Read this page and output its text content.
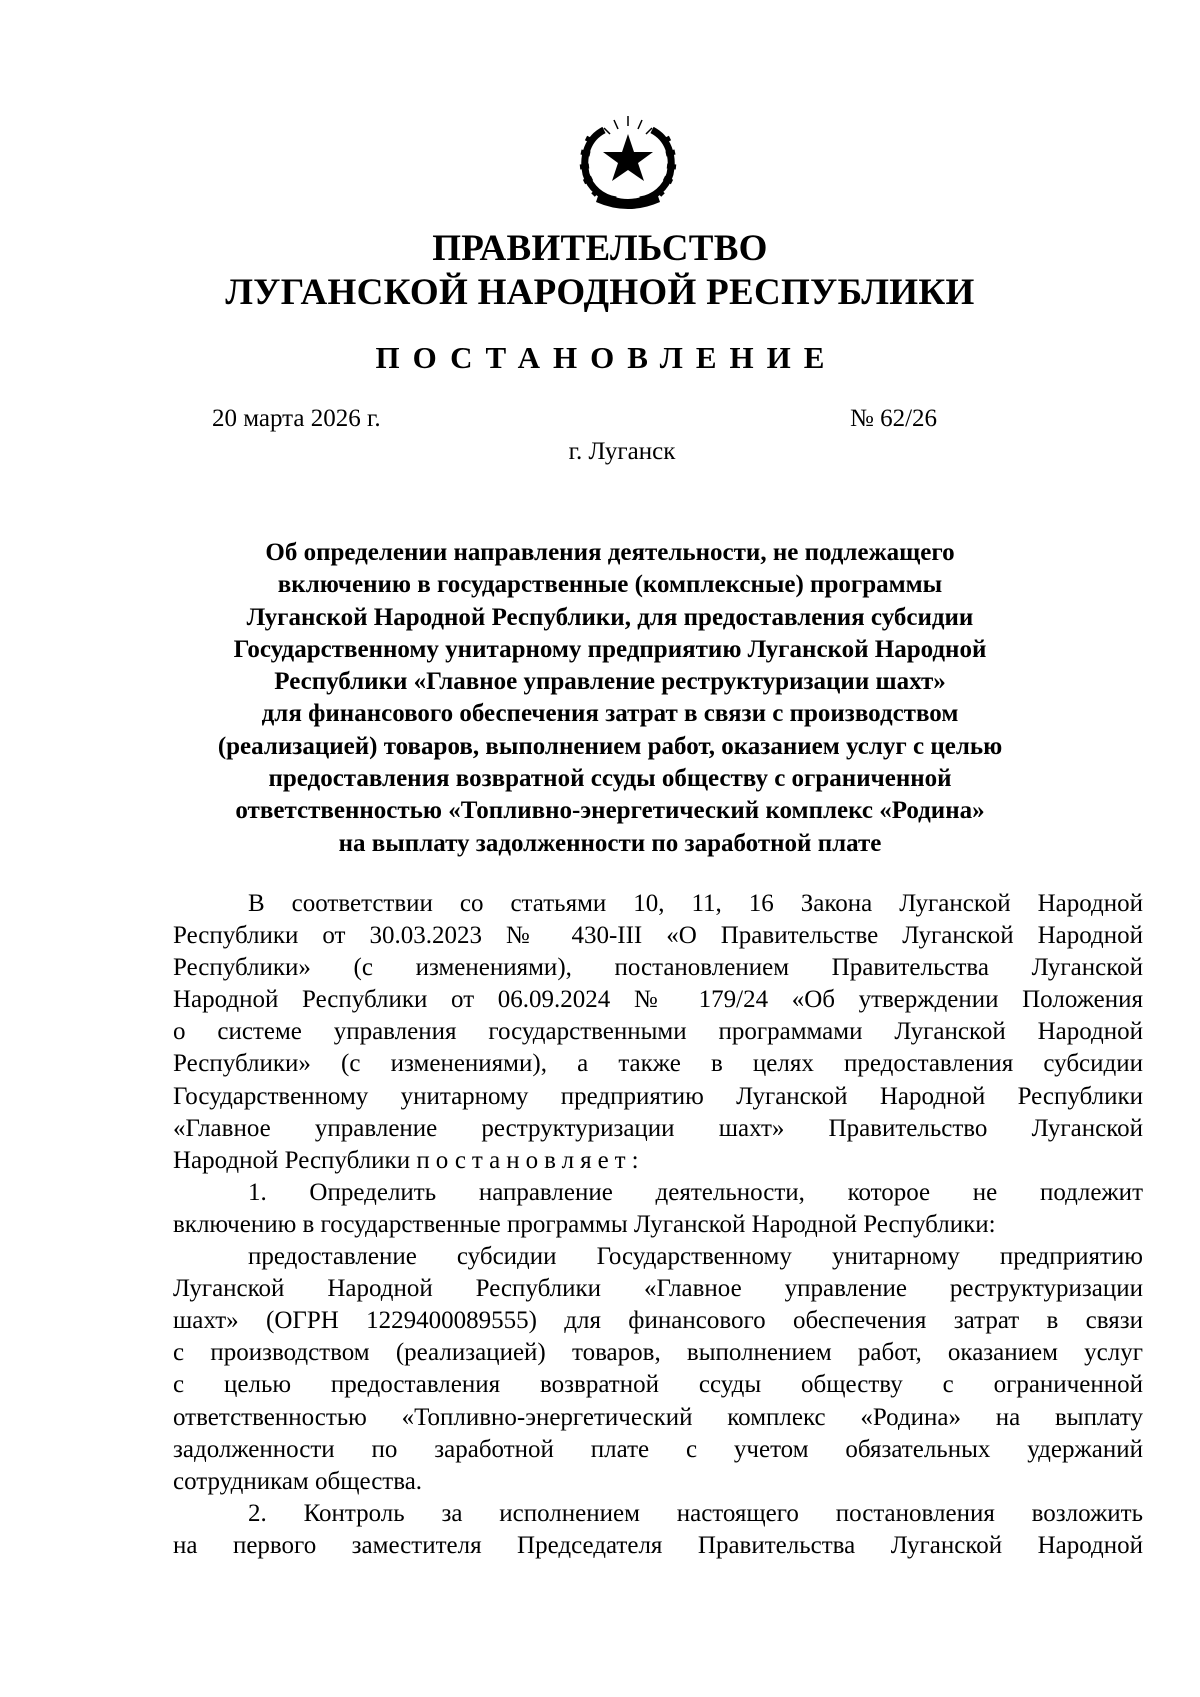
ПРАВИТЕЛЬСТВО
ЛУГАНСКОЙ НАРОДНОЙ РЕСПУБЛИКИ
ПОСТАНОВЛЕНИЕ
20 марта 2026 г.	№ 62/26
г. Луганск
Об определении направления деятельности, не подлежащего
включению в государственные (комплексные) программы
Луганской Народной Республики, для предоставления субсидии
Государственному унитарному предприятию Луганской Народной
Республики «Главное управление реструктуризации шахт»
для финансового обеспечения затрат в связи с производством
(реализацией) товаров, выполнением работ, оказанием услуг с целью
предоставления возвратной ссуды обществу с ограниченной
ответственностью «Топливно-энергетический комплекс «Родина»
на выплату задолженности по заработной плате
В соответствии со статьями 10, 11, 16 Закона Луганской Народной
Республики от 30.03.2023 № 430-III «О Правительстве Луганской Народной
Республики» (с изменениями), постановлением Правительства Луганской
Народной Республики от 06.09.2024 № 179/24 «Об утверждении Положения
о системе управления государственными программами Луганской Народной
Республики» (с изменениями), а также в целях предоставления субсидии
Государственному унитарному предприятию Луганской Народной Республики
«Главное управление реструктуризации шахт» Правительство Луганской
Народной Республики постановляет:
1. Определить направление деятельности, которое не подлежит
включению в государственные программы Луганской Народной Республики:
предоставление субсидии Государственному унитарному предприятию
Луганской Народной Республики «Главное управление реструктуризации
шахт» (ОГРН 1229400089555) для финансового обеспечения затрат в связи
с производством (реализацией) товаров, выполнением работ, оказанием услуг
с целью предоставления возвратной ссуды обществу с ограниченной
ответственностью «Топливно-энергетический комплекс «Родина» на выплату
задолженности по заработной плате с учетом обязательных удержаний
сотрудникам общества.
2. Контроль за исполнением настоящего постановления возложить
на первого заместителя Председателя Правительства Луганской Народной
